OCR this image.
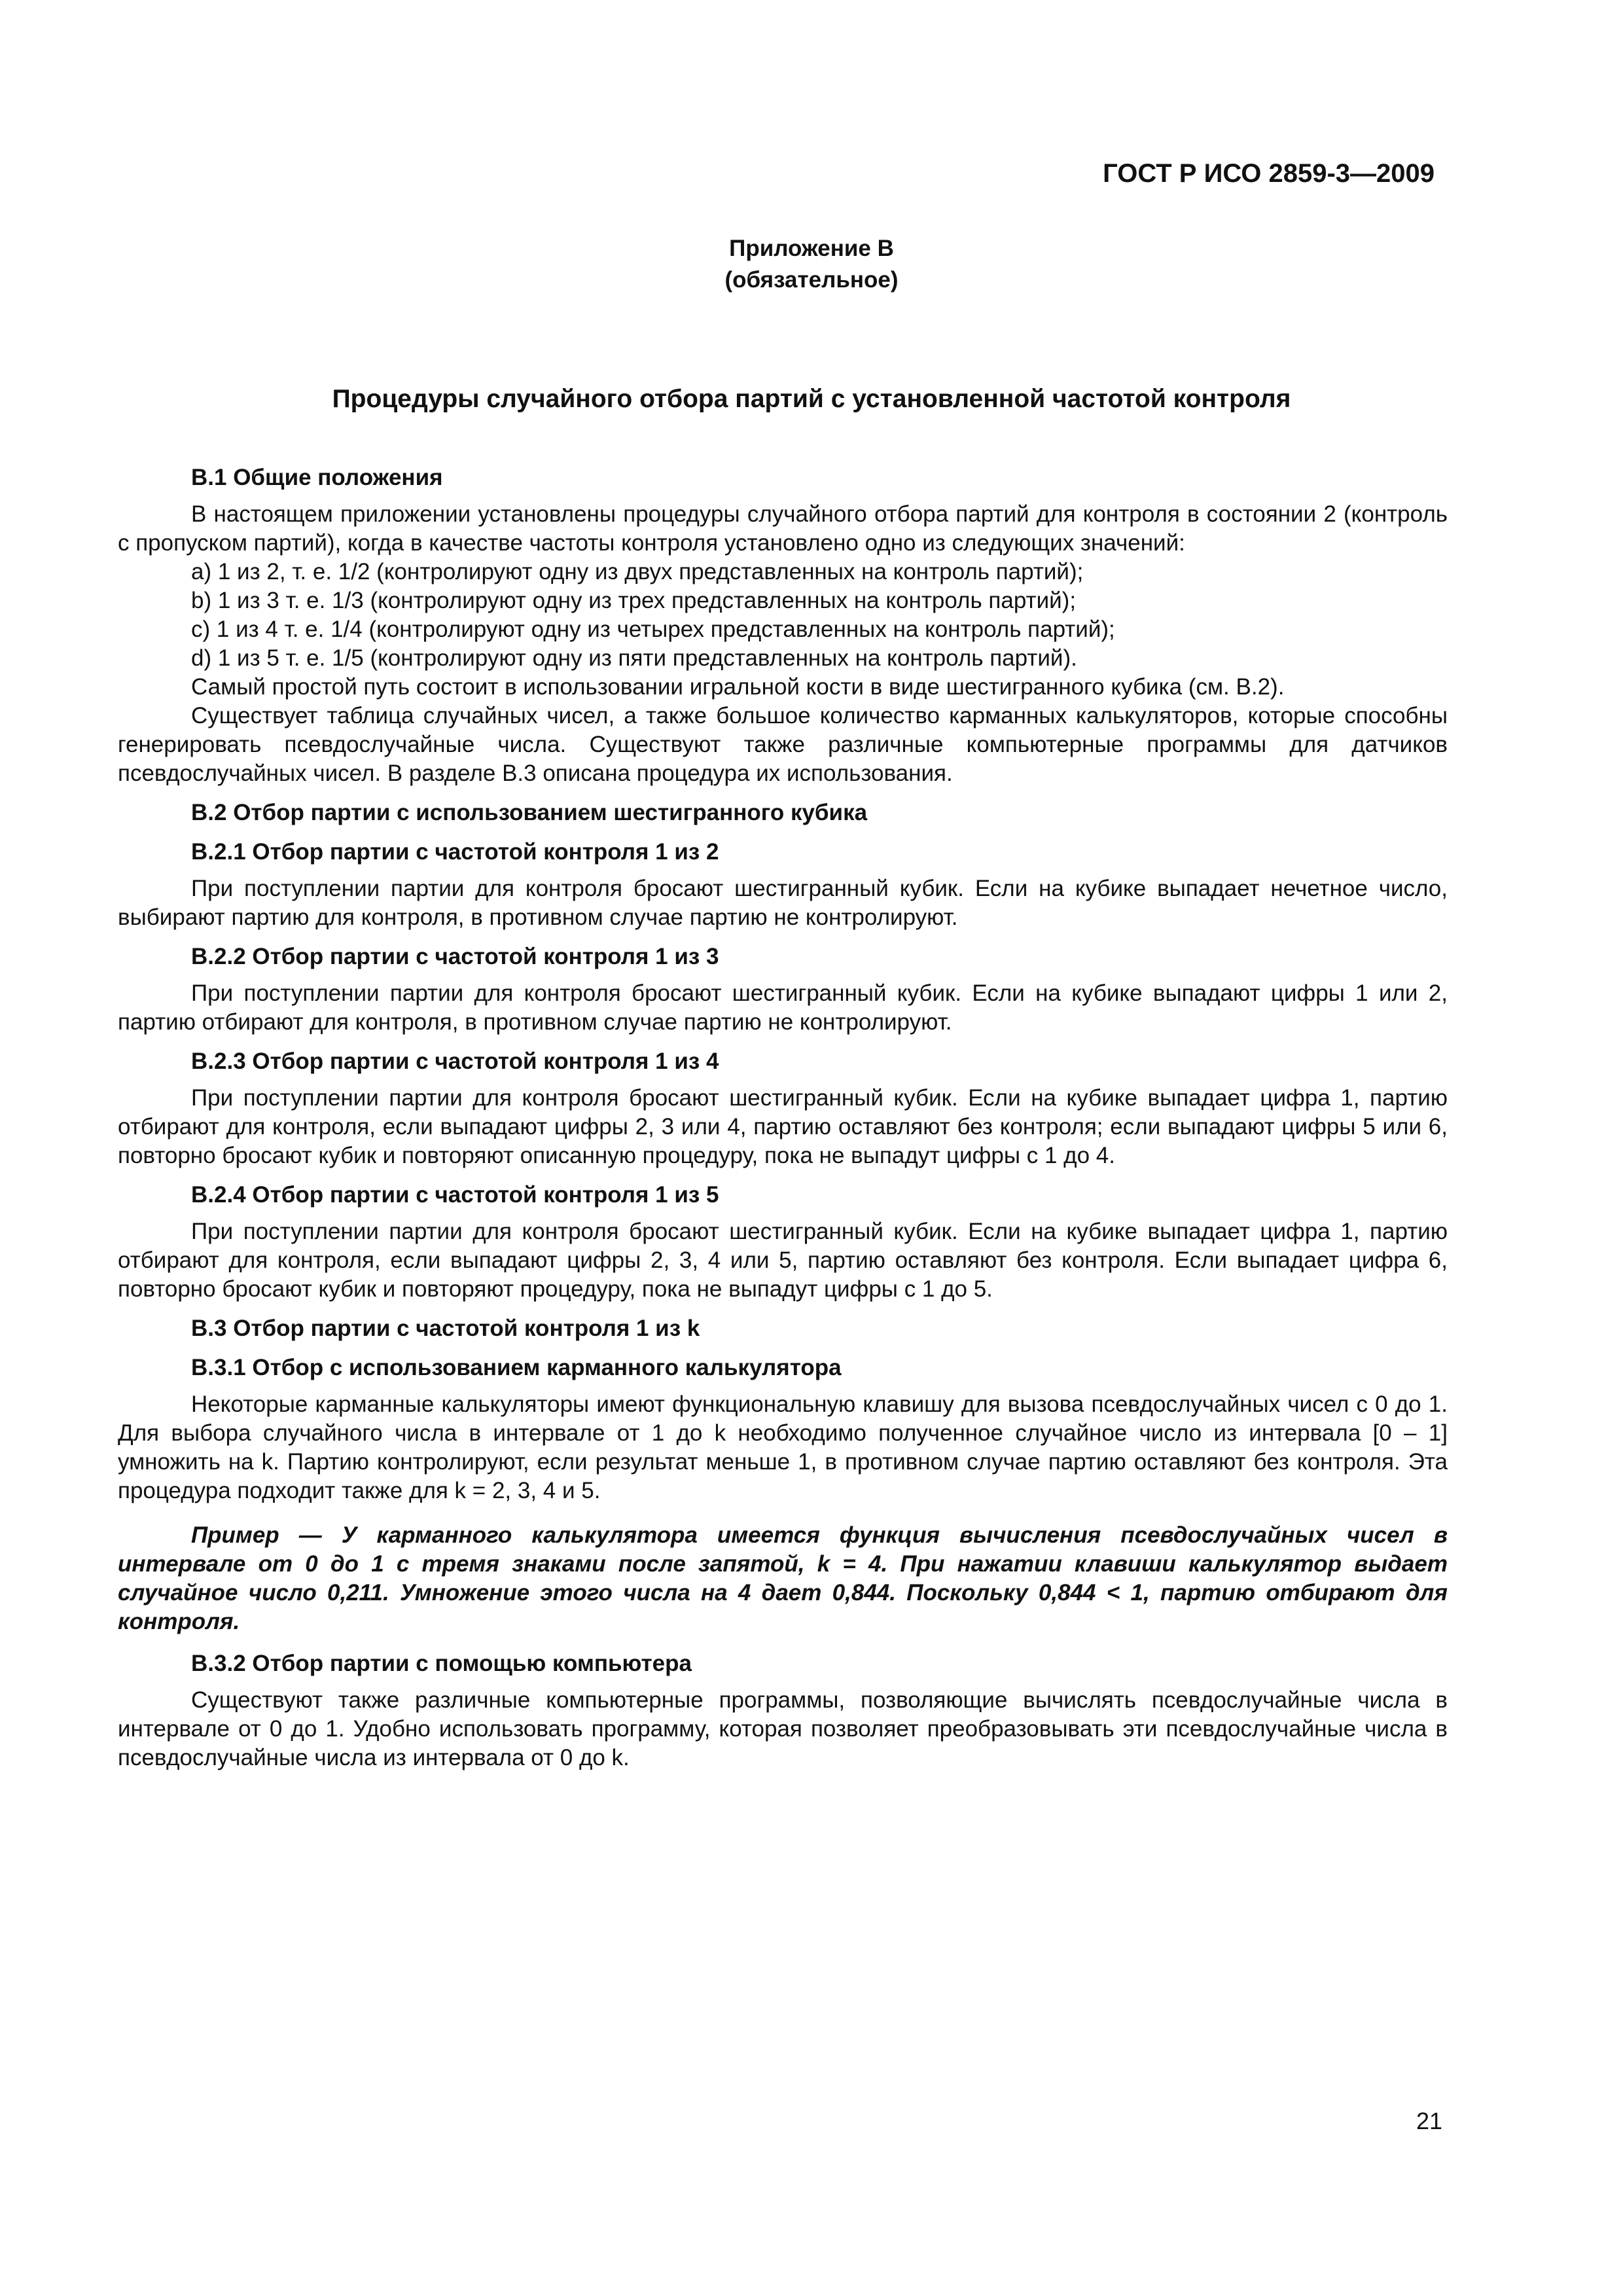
ГОСТ Р ИСО 2859-3—2009
Приложение В
(обязательное)
Процедуры случайного отбора партий с установленной частотой контроля

В.1 Общие положения

В настоящем приложении установлены процедуры случайного отбора партий для контроля в состоянии 2 (контроль с пропуском партий), когда в качестве частоты контроля установлено одно из следующих значений:

a) 1 из 2, т. е. 1/2 (контролируют одну из двух представленных на контроль партий);

b) 1 из 3 т. е. 1/3 (контролируют одну из трех представленных на контроль партий);

c) 1 из 4 т. е. 1/4 (контролируют одну из четырех представленных на контроль партий);

d) 1 из 5 т. е. 1/5 (контролируют одну из пяти представленных на контроль партий).

Самый простой путь состоит в использовании игральной кости в виде шестигранного кубика (см. В.2).

Существует таблица случайных чисел, а также большое количество карманных калькуляторов, которые способны генерировать псевдослучайные числа. Существуют также различные компьютерные программы для датчиков псевдослучайных чисел. В разделе В.3 описана процедура их использования.

В.2 Отбор партии с использованием шестигранного кубика

В.2.1 Отбор партии с частотой контроля 1 из 2

При поступлении партии для контроля бросают шестигранный кубик. Если на кубике выпадает нечетное число, выбирают партию для контроля, в противном случае партию не контролируют.

В.2.2 Отбор партии с частотой контроля 1 из 3

При поступлении партии для контроля бросают шестигранный кубик. Если на кубике выпадают цифры 1 или 2, партию отбирают для контроля, в противном случае партию не контролируют.

В.2.3 Отбор партии с частотой контроля 1 из 4

При поступлении партии для контроля бросают шестигранный кубик. Если на кубике выпадает цифра 1, партию отбирают для контроля, если выпадают цифры 2, 3 или 4, партию оставляют без контроля; если выпадают цифры 5 или 6, повторно бросают кубик и повторяют описанную процедуру, пока не выпадут цифры с 1 до 4.

В.2.4 Отбор партии с частотой контроля 1 из 5

При поступлении партии для контроля бросают шестигранный кубик. Если на кубике выпадает цифра 1, партию отбирают для контроля, если выпадают цифры 2, 3, 4 или 5, партию оставляют без контроля. Если выпадает цифра 6, повторно бросают кубик и повторяют процедуру, пока не выпадут цифры с 1 до 5.

В.3 Отбор партии с частотой контроля 1 из k

В.3.1 Отбор с использованием карманного калькулятора

Некоторые карманные калькуляторы имеют функциональную клавишу для вызова псевдослучайных чисел с 0 до 1. Для выбора случайного числа в интервале от 1 до k необходимо полученное случайное число из интервала [0 – 1] умножить на k. Партию контролируют, если результат меньше 1, в противном случае партию оставляют без контроля. Эта процедура подходит также для k = 2, 3, 4 и 5.

Пример — У карманного калькулятора имеется функция вычисления псевдослучайных чисел в интервале от 0 до 1 с тремя знаками после запятой, k = 4. При нажатии клавиши калькулятор выдает случайное число 0,211. Умножение этого числа на 4 дает 0,844. Поскольку 0,844 < 1, партию отбирают для контроля.

В.3.2 Отбор партии с помощью компьютера

Существуют также различные компьютерные программы, позволяющие вычислять псевдослучайные числа в интервале от 0 до 1. Удобно использовать программу, которая позволяет преобразовывать эти псевдослучайные числа в псевдослучайные числа из интервала от 0 до k.

21
